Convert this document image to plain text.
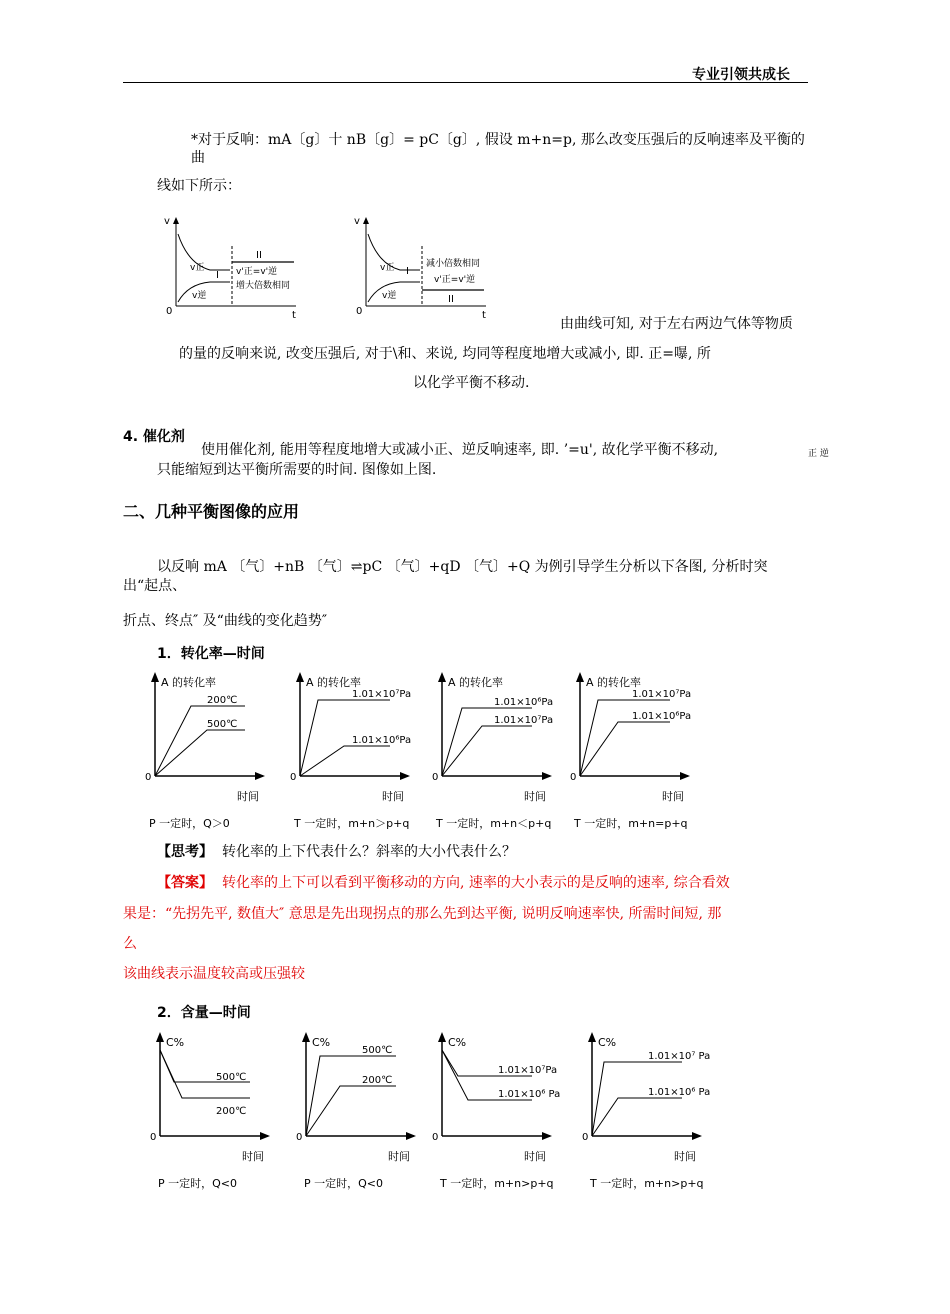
专业引领共成长
*对于反响：mA〔g〕十 nB〔g〕= pC〔g〕, 假设 m+n=p, 那么改变压强后的反响速率及平衡的
曲
线如下所示：
v
0	t
v正
v逆
I
II
v'正=v'逆
增大倍数相同
v
0	t
v正
v逆
I
减小倍数相同
v'正=v'逆
II
由曲线可知, 对于左右两边气体等物质
的量的反响来说, 改变压强后, 对于\和、来说, 均同等程度地增大或减小, 即. 正=嚗, 所
以化学平衡不移动.
4. 催化剂
使用催化剂, 能用等程度地增大或减小正、逆反响速率, 即. ’=u', 故化学平衡不移动,	正 逆
只能缩短到达平衡所需要的时间. 图像如上图.
二、几种平衡图像的应用
以反响 mA 〔气〕+nB 〔气〕⇌pC 〔气〕+qD 〔气〕+Q 为例引导学生分析以下各图, 分析时突
出“起点、
折点、终点″ 及“曲线的变化趋势″
1．转化率—时间
【思考】 转化率的上下代表什么？斜率的大小代表什么？
【答案】 转化率的上下可以看到平衡移动的方向, 速率的大小表示的是反响的速率, 综合看效
果是：“先拐先平, 数值大″ 意思是先出现拐点的那么先到达平衡, 说明反响速率快, 所需时间短, 那
么
该曲线表示温度较高或压强较
2．含量—时间
A 的转化率
0
时间
200℃
500℃
P 一定时，Q＞0
A 的转化率
0
时间
1.01×10⁷Pa
1.01×10⁶Pa
T 一定时，m+n＞p+q
A 的转化率
0
时间
1.01×10⁶Pa
1.01×10⁷Pa
T 一定时，m+n＜p+q
A 的转化率
0
时间
1.01×10⁷Pa
1.01×10⁶Pa
T 一定时，m+n=p+q
C%
0
时间
500℃
200℃
P 一定时，Q<0
C%
0
时间
500℃
200℃
P 一定时，Q<0
C%
0
时间
1.01×10⁷Pa
1.01×10⁶ Pa
T 一定时，m+n>p+q
C%
0
时间
1.01×10⁷ Pa
1.01×10⁶ Pa
T 一定时，m+n>p+q
